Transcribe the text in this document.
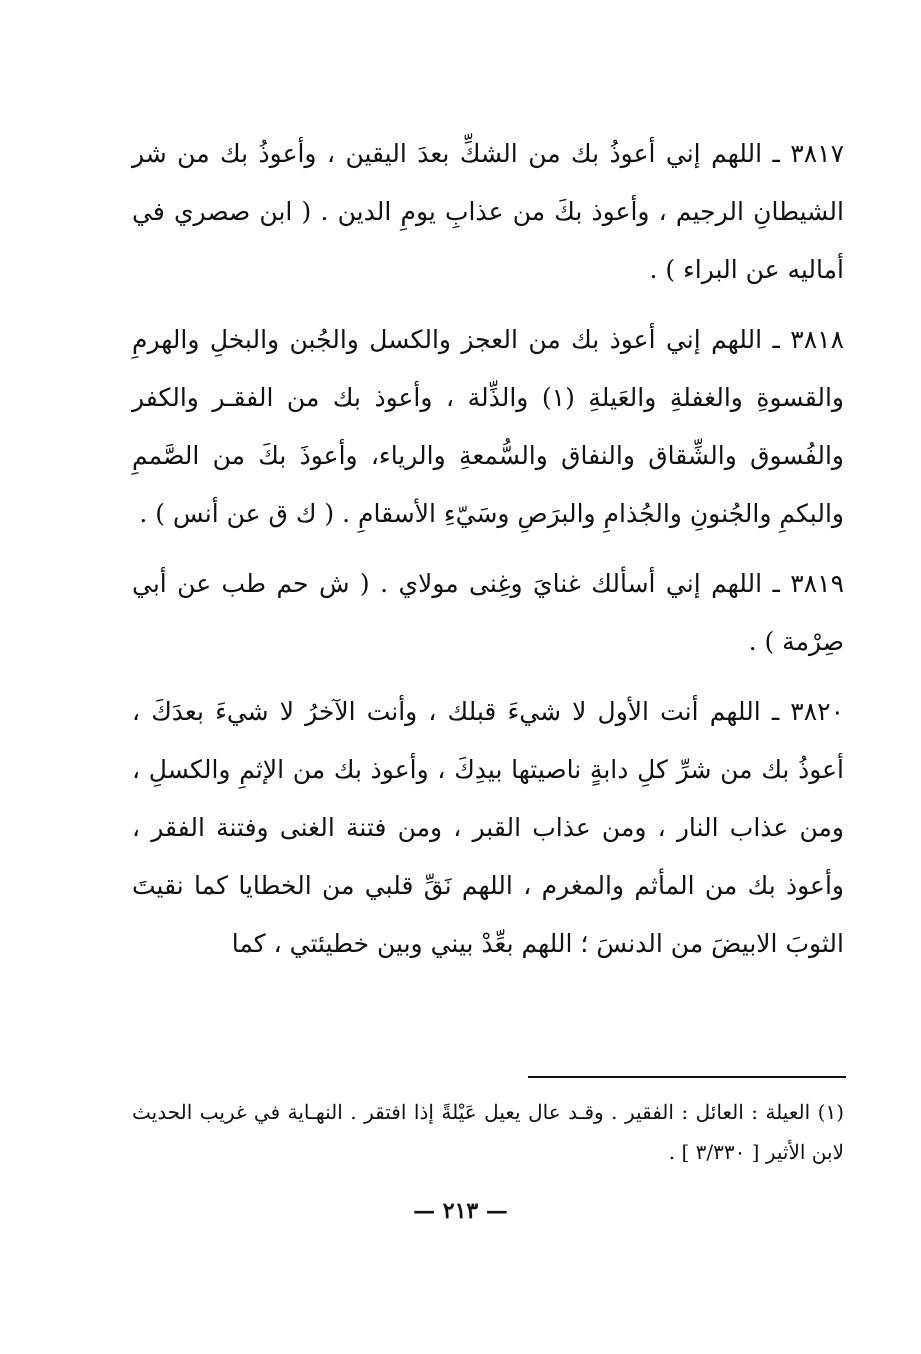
٣٨١٧ ـ اللهم إني أعوذُ بك من الشكِّ بعدَ اليقين ، وأعوذُ بك من شر الشيطانِ الرجيم ، وأعوذ بكَ من عذابِ يومِ الدين . ( ابن صصري في أماليه عن البراء ) .

٣٨١٨ ـ اللهم إني أعوذ بك من العجز والكسل والجُبن والبخلِ والهرمِ والقسوةِ والغفلةِ والعَيلةِ (١) والذِّلة ، وأعوذ بك من الفقـر والكفر والفُسوق والشِّقاق والنفاق والسُّمعةِ والرياء، وأعوذَ بكَ من الصَّممِ والبكمِ والجُنونِ والجُذامِ والبرَصِ وسَيّءِ الأسقامِ . ( ك ق عن أنس ) .

٣٨١٩ ـ اللهم إني أسألك غنايَ وغِنى مولاي . ( ش حم طب عن أبي صِرْمة ) .

٣٨٢٠ ـ اللهم أنت الأول لا شيءَ قبلك ، وأنت الآخرُ لا شيءَ بعدَكَ ، أعوذُ بك من شرِّ كلِ دابةٍ ناصيتها بيدِكَ ، وأعوذ بك من الإثمِ والكسلِ ، ومن عذاب النار ، ومن عذاب القبر ، ومن فتنة الغنى وفتنة الفقر ، وأعوذ بك من المأثم والمغرم ، اللهم نَقِّ قلبي من الخطايا كما نقيتَ الثوبَ الابيضَ من الدنسَ ؛ اللهم بعِّدْ بيني وبين خطيئتي ، كما

(١) العيلة : العائل : الفقير . وقـد عال يعيل عَيْلةً إذا افتقر . النهـاية في غريب الحديث لابن الأثير [ ٣/٣٣٠ ] .

— ٢١٣ —
